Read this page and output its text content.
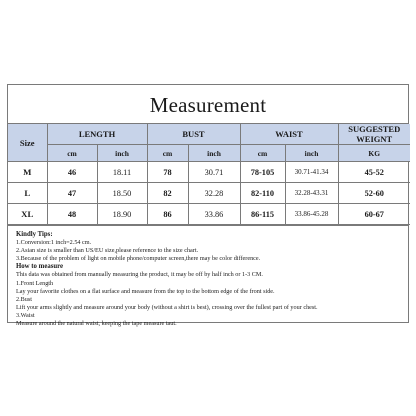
Measurement
Size	LENGTH		BUST		WAIST		SUGGESTED WEIGNT
	cm	inch	cm	inch	cm	inch	KG
M	46	18.11	78	30.71	78-105	30.71-41.34	45-52
L	47	18.50	82	32.28	82-110	32.28-43.31	52-60
XL	48	18.90	86	33.86	86-115	33.86-45.28	60-67
Kindly Tips:
1.Conversion:1 inch=2.54 cm.
2.Asian size is smaller than US/EU size,please reference to the size chart.
3.Because of the problem of light on mobile phone/computer screen,there may be color difference.
How to measure
This data was obtained from manually measuring the product, it may be off by half inch or 1-3 CM.
1.Front Length
Lay your favorite clothes on a flat surface and measure from the top to the bottom edge of the front side.
2.Bust
Lift your arms slightly and measure around your body (without a shirt is best), crossing over the fullest part of your chest.
3.Waist
Measure around the natural waist, keeping the tape measure taut.
